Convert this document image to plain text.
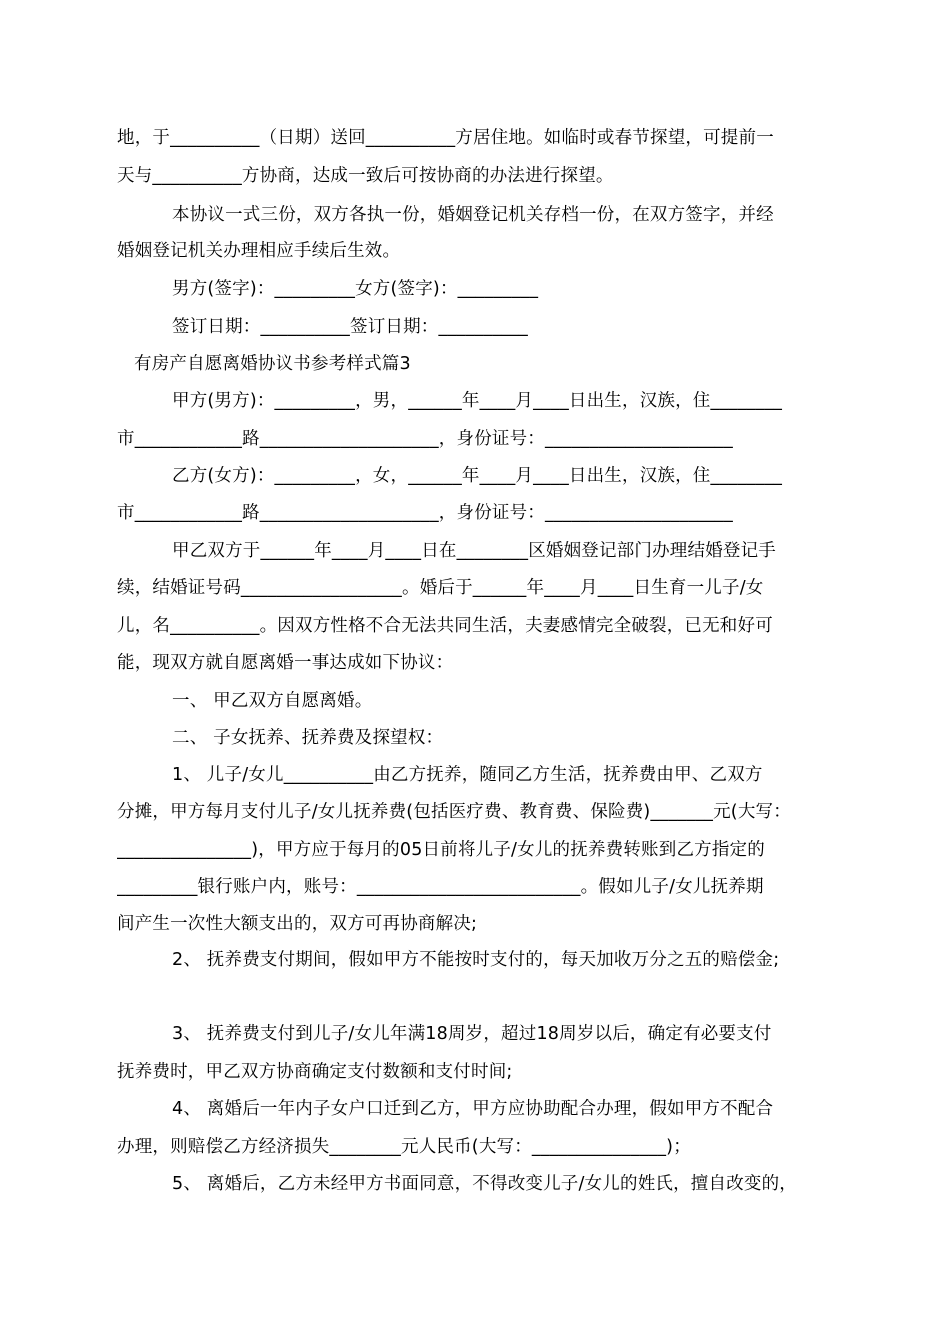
地，于__________（日期）送回__________方居住地。如临时或春节探望，可提前一
天与__________方协商，达成一致后可按协商的办法进行探望。
本协议一式三份，双方各执一份，婚姻登记机关存档一份，在双方签字，并经
婚姻登记机关办理相应手续后生效。
男方(签字)：_________女方(签字)：_________
签订日期：__________签订日期：__________
有房产自愿离婚协议书参考样式篇3
甲方(男方)：_________，男，______年____月____日出生，汉族，住________
市____________路____________________，身份证号：_____________________
乙方(女方)：_________，女，______年____月____日出生，汉族，住________
市____________路____________________，身份证号：_____________________
甲乙双方于______年____月____日在________区婚姻登记部门办理结婚登记手
续，结婚证号码__________________。婚后于______年____月____日生育一儿子/女
儿，名__________。因双方性格不合无法共同生活，夫妻感情完全破裂，已无和好可
能，现双方就自愿离婚一事达成如下协议：
一、 甲乙双方自愿离婚。
二、 子女抚养、抚养费及探望权：
1、 儿子/女儿__________由乙方抚养，随同乙方生活，抚养费由甲、乙双方
分摊，甲方每月支付儿子/女儿抚养费(包括医疗费、教育费、保险费)_______元(大写：
_______________)，甲方应于每月的05日前将儿子/女儿的抚养费转账到乙方指定的
_________银行账户内，账号：_________________________。假如儿子/女儿抚养期
间产生一次性大额支出的，双方可再协商解决;
2、 抚养费支付期间，假如甲方不能按时支付的，每天加收万分之五的赔偿金;
3、 抚养费支付到儿子/女儿年满18周岁，超过18周岁以后，确定有必要支付
抚养费时，甲乙双方协商确定支付数额和支付时间;
4、 离婚后一年内子女户口迁到乙方，甲方应协助配合办理，假如甲方不配合
办理，则赔偿乙方经济损失________元人民币(大写：_______________)；
5、 离婚后，乙方未经甲方书面同意，不得改变儿子/女儿的姓氏，擅自改变的，
